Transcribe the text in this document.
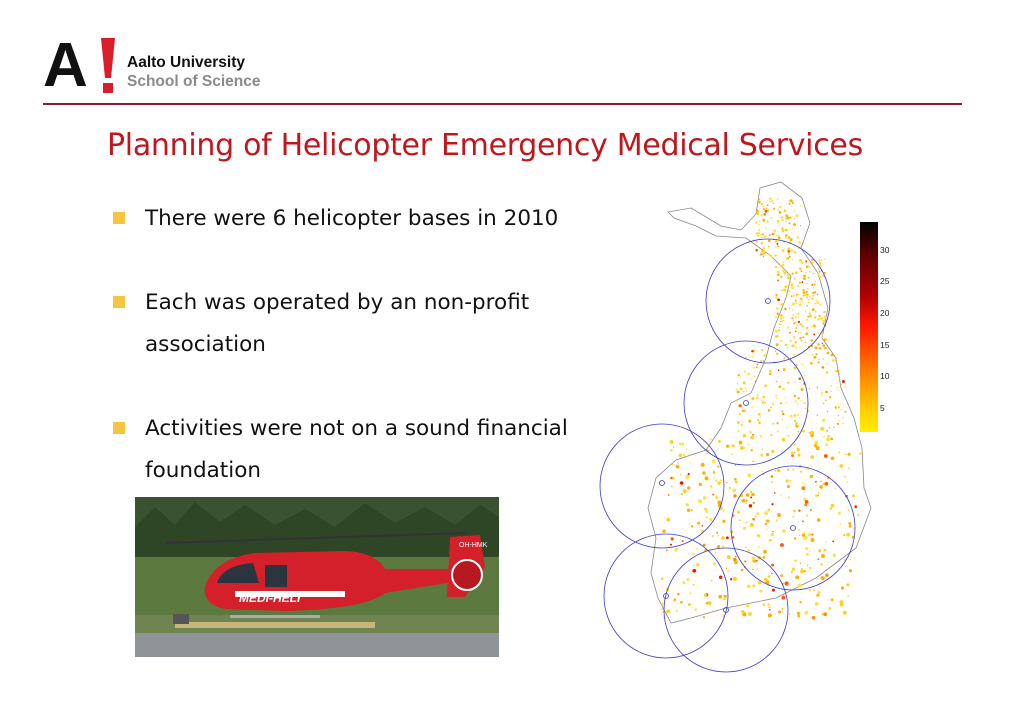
A	Aalto University
School of Science
Planning of Helicopter Emergency Medical Services
There were 6 helicopter bases in 2010
Each was operated by an non-profit association
Activities were not on a sound financial foundation
OH-HMK
MEDI-HELI
30
25
20
15
10
5
